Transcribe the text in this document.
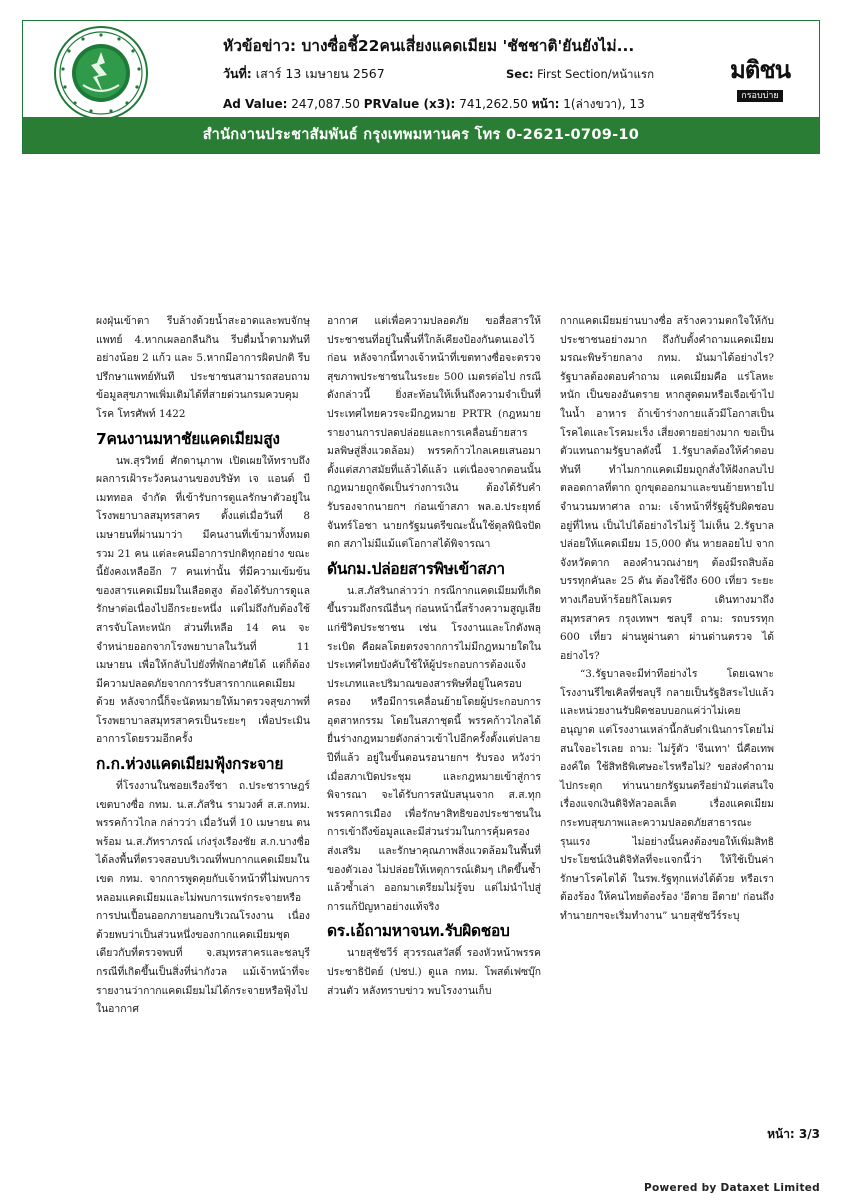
หัวข้อข่าว: บางซื่อชี้22คนเสี่ยงแคดเมียม 'ชัชชาติ'ยันยังไม่...
วันที่: เสาร์ 13 เมษายน 2567	Sec: First Section/หน้าแรก
Ad Value: 247,087.50 PRValue (x3): 741,262.50 หน้า: 1(ล่างขวา), 13
มติชน
กรอบบ่าย
สำนักงานประชาสัมพันธ์ กรุงเทพมหานคร โทร 0-2621-0709-10

ผงฝุ่นเข้าตา รีบล้างด้วยน้ำสะอาดและพบจักษุแพทย์ 4.หากเผลอกลืนกิน รีบดื่มน้ำตามทันทีอย่างน้อย 2 แก้ว และ 5.หากมีอาการผิดปกติ รีบปรึกษาแพทย์ทันที ประชาชนสามารถสอบถามข้อมูลสุขภาพเพิ่มเติมได้ที่สายด่วนกรมควบคุมโรค โทรศัพท์ 1422

7คนงานมหาชัยแคดเมียมสูง

นพ.สุรวิทย์ ศักดานุภาพ เปิดเผยให้ทราบถึง ผลการเฝ้าระวังคนงานของบริษัท เจ แอนด์ บี เมททอล จำกัด ที่เข้ารับการดูแลรักษาตัวอยู่ในโรงพยาบาลสมุทรสาคร ตั้งแต่เมื่อวันที่ 8 เมษายนที่ผ่านมาว่า มีคนงานที่เข้ามาทั้งหมดรวม 21 คน แต่ละคนมีอาการปกติทุกอย่าง ขณะนี้ยังคงเหลืออีก 7 คนเท่านั้น ที่มีความเข้มข้นของสารแคดเมียมในเลือดสูง ต้องได้รับการดูแลรักษาต่อเนื่องไปอีกระยะหนึ่ง แต่ไม่ถึงกับต้องใช้สารจับโลหะหนัก ส่วนที่เหลือ 14 คน จะจำหน่ายออกจากโรงพยาบาลในวันที่ 11 เมษายน เพื่อให้กลับไปยังที่พักอาศัยได้ แต่ก็ต้องมีความปลอดภัยจากการรับสารกากแคดเมียมด้วย หลังจากนี้ก็จะนัดหมายให้มาตรวจสุขภาพที่โรงพยาบาลสมุทรสาครเป็นระยะๆ เพื่อประเมินอาการโดยรวมอีกครั้ง

ก.ก.ห่วงแคดเมียมฟุ้งกระจาย

ที่โรงงานในซอยเรืองรีชา ถ.ประชาราษฎร์ เขตบางซื่อ กทม. น.ส.ภัสริน รามวงศ์ ส.ส.กทม. พรรคก้าวไกล กล่าวว่า เมื่อวันที่ 10 เมษายน ตนพร้อม น.ส.ภัทราภรณ์ เก่งรุ่งเรืองชัย ส.ก.บางซื่อ ได้ลงพื้นที่ตรวจสอบบริเวณที่พบกากแคดเมียมในเขต กทม. จากการพูดคุยกับเจ้าหน้าที่ไม่พบการหลอมแคดเมียมและไม่พบการแพร่กระจายหรือการปนเปื้อนออกภายนอกบริเวณโรงงาน เนื่องด้วยพบว่าเป็นส่วนหนึ่งของกากแคดเมียมชุดเดียวกับที่ตรวจพบที่ จ.สมุทรสาครและชลบุรี กรณีที่เกิดขึ้นเป็นสิ่งที่น่ากังวล แม้เจ้าหน้าที่จะรายงานว่ากากแคดเมียมไม่ได้กระจายหรือฟุ้งไปในอากาศ

อากาศ แต่เพื่อความปลอดภัย ขอสื่อสารให้ประชาชนที่อยู่ในพื้นที่ใกล้เคียงป้องกันตนเองไว้ก่อน หลังจากนี้ทางเจ้าหน้าที่เขตทางซื่อจะตรวจสุขภาพประชาชนในระยะ 500 เมตรต่อไป กรณีดังกล่าวนี้ ยิ่งสะท้อนให้เห็นถึงความจำเป็นที่ประเทศไทยควรจะมีกฎหมาย PRTR (กฎหมายรายงานการปลดปล่อยและการเคลื่อนย้ายสารมลพิษสู่สิ่งแวดล้อม) พรรคก้าวไกลเคยเสนอมาตั้งแต่สภาสมัยที่แล้วได้แล้ว แต่เนื่องจากตอนนั้นกฎหมายถูกจัดเป็นร่างการเงิน ต้องได้รับคำรับรองจากนายกฯ ก่อนเข้าสภา พล.อ.ประยุทธ์ จันทร์โอชา นายกรัฐมนตรีขณะนั้นใช้ดุลพินิจปัดตก สภาไม่มีแม้แต่โอกาสได้พิจารณา

ดันกม.ปล่อยสารพิษเข้าสภา

น.ส.ภัสรินกล่าวว่า กรณีกากแคดเมียมที่เกิดขึ้นรวมถึงกรณีอื่นๆ ก่อนหน้านี้สร้างความสูญเสียแก่ชีวิตประชาชน เช่น โรงงานและโกดังพลุระเบิด คือผลโดยตรงจากการไม่มีกฎหมายใดในประเทศไทยบังคับใช้ให้ผู้ประกอบการต้องแจ้งประเภทและปริมาณของสารพิษที่อยู่ในครอบครอง หรือมีการเคลื่อนย้ายโดยผู้ประกอบการอุตสาหกรรม โดยในสภาชุดนี้ พรรคก้าวไกลได้ยื่นร่างกฎหมายดังกล่าวเข้าไปอีกครั้งตั้งแต่ปลายปีที่แล้ว อยู่ในขั้นตอนรอนายกฯ รับรอง หวังว่าเมื่อสภาเปิดประชุม และกฎหมายเข้าสู่การพิจารณา จะได้รับการสนับสนุนจาก ส.ส.ทุกพรรคการเมือง เพื่อรักษาสิทธิของประชาชนในการเข้าถึงข้อมูลและมีส่วนร่วมในการคุ้มครอง ส่งเสริม และรักษาคุณภาพสิ่งแวดล้อมในพื้นที่ของตัวเอง ไม่ปล่อยให้เหตุการณ์เดิมๆ เกิดขึ้นซ้ำแล้วซ้ำเล่า ออกมาเตรียมไม่รู้จบ แต่ไม่นำไปสู่การแก้ปัญหาอย่างแท้จริง

ดร.เอ้ถามหาจนท.รับผิดชอบ

นายสุชัชวีร์ สุวรรณสวัสดิ์ รองหัวหน้าพรรคประชาธิปัตย์ (ปชป.) ดูแล กทม. โพสต์เฟซบุ๊กส่วนตัว หลังทราบข่าว พบโรงงานเก็บ

กากแคดเมียมย่านบางซื่อ สร้างความตกใจให้กับประชาชนอย่างมาก ถึงกับตั้งคำถามแคดเมียมมรณะพิษร้ายกลาง กทม. มันมาได้อย่างไร? รัฐบาลต้องตอบคำถาม แคดเมียมคือ แร่โลหะหนัก เป็นของอันตราย หากสูดดมหรือเจือเข้าไปในน้ำ อาหาร ถ้าเข้าร่างกายแล้วมีโอกาสเป็นโรคไตและโรคมะเร็ง เสี่ยงตายอย่างมาก ขอเป็นตัวแทนถามรัฐบาลดังนี้ 1.รัฐบาลต้องให้คำตอบทันที ทำไมกากแคดเมียมถูกสั่งให้ฝังกลบไปตลอดกาลที่ตาก ถูกขุดออกมาและขนย้ายหายไปจำนวนมหาศาล ถาม: เจ้าหน้าที่รัฐผู้รับผิดชอบอยู่ที่ไหน เป็นไปได้อย่างไรไม่รู้ ไม่เห็น 2.รัฐบาลปล่อยให้แคดเมียม 15,000 ตัน หายลอยไป จากจังหวัดตาก ลองคำนวณง่ายๆ ต้องมีรถสิบล้อ บรรทุกคันละ 25 ตัน ต้องใช้ถึง 600 เที่ยว ระยะทางเกือบห้าร้อยกิโลเมตร เดินทางมาถึงสมุทรสาคร กรุงเทพฯ ชลบุรี ถาม: รถบรรทุก 600 เที่ยว ผ่านหูผ่านตา ผ่านด่านตรวจ ได้อย่างไร?

“3.รัฐบาลจะมีท่าทีอย่างไร โดยเฉพาะโรงงานรีไซเคิลที่ชลบุรี กลายเป็นรัฐอิสระไปแล้ว และหน่วยงานรับผิดชอบบอกแค่ว่าไม่เคยอนุญาต แต่โรงงานเหล่านี้กลับดำเนินการโดยไม่สนใจอะไรเลย ถาม: ไม่รู้ตัว 'จีนเทา' นี่คือเทพองค์ใด ใช้สิทธิพิเศษอะไรหรือไม่? ขอส่งคำถามไปกระตุก ท่านนายกรัฐมนตรีอย่ามัวแต่สนใจเรื่องแจกเงินดิจิทัลวอลเล็ต เรื่องแคดเมียมกระทบสุขภาพและความปลอดภัยสาธารณะรุนแรง ไม่อย่างนั้นคงต้องขอให้เพิ่มสิทธิประโยชน์เงินดิจิทัลที่จะแจกนี้ว่า ให้ใช้เป็นค่ารักษาโรคไตได้ ในรพ.รัฐทุกแห่งได้ด้วย หรือเราต้องร้อง ให้คนไทยต้องร้อง 'อีตาย อีตาย' ก่อนถึงทำนายกฯจะเริ่มทำงาน” นายสุชัชวีร์ระบุ

หน้า: 3/3
Powered by Dataxet Limited
